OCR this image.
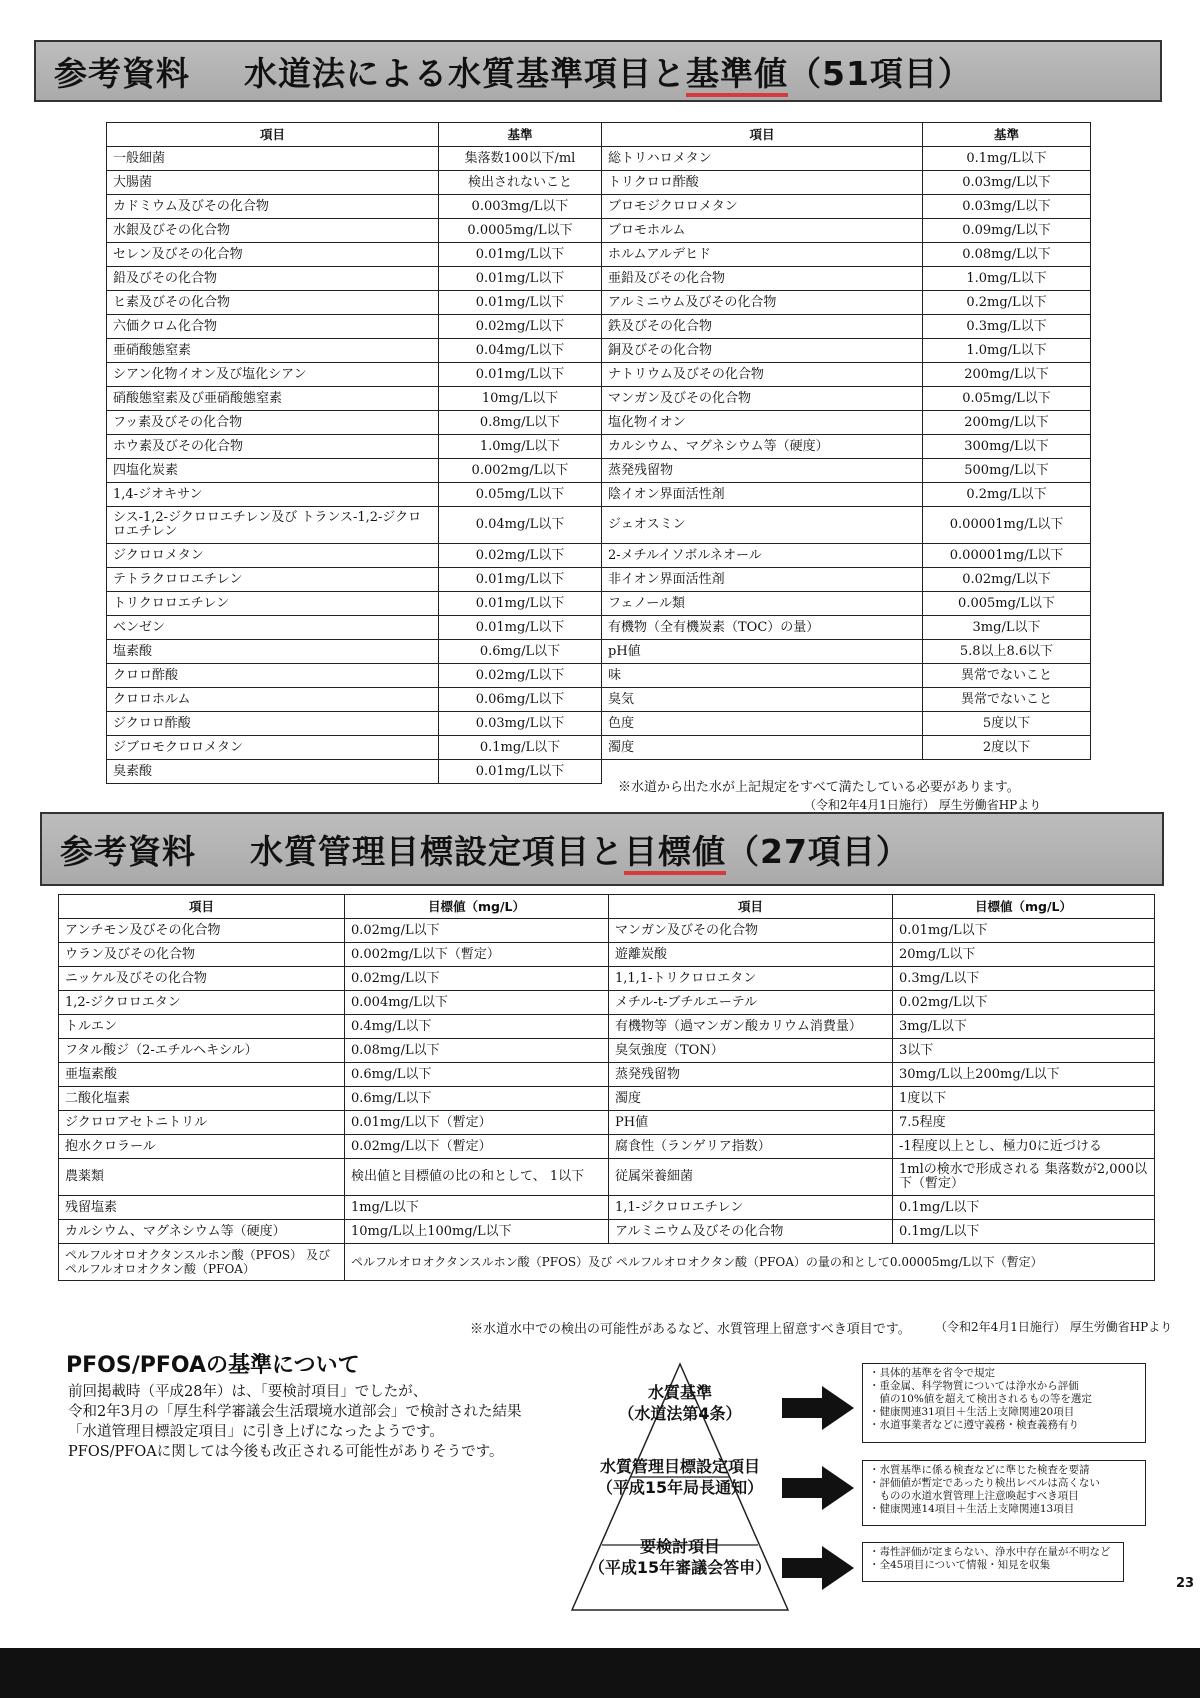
参考資料 水道法による水質基準項目と基準値（51項目）
項目	基準	項目	基準
一般細菌	集落数100以下/ml	総トリハロメタン	0.1mg/L以下
大腸菌	検出されないこと	トリクロロ酢酸	0.03mg/L以下
カドミウム及びその化合物	0.003mg/L以下	ブロモジクロロメタン	0.03mg/L以下
水銀及びその化合物	0.0005mg/L以下	ブロモホルム	0.09mg/L以下
セレン及びその化合物	0.01mg/L以下	ホルムアルデヒド	0.08mg/L以下
鉛及びその化合物	0.01mg/L以下	亜鉛及びその化合物	1.0mg/L以下
ヒ素及びその化合物	0.01mg/L以下	アルミニウム及びその化合物	0.2mg/L以下
六価クロム化合物	0.02mg/L以下	鉄及びその化合物	0.3mg/L以下
亜硝酸態窒素	0.04mg/L以下	銅及びその化合物	1.0mg/L以下
シアン化物イオン及び塩化シアン	0.01mg/L以下	ナトリウム及びその化合物	200mg/L以下
硝酸態窒素及び亜硝酸態窒素	10mg/L以下	マンガン及びその化合物	0.05mg/L以下
フッ素及びその化合物	0.8mg/L以下	塩化物イオン	200mg/L以下
ホウ素及びその化合物	1.0mg/L以下	カルシウム、マグネシウム等（硬度）	300mg/L以下
四塩化炭素	0.002mg/L以下	蒸発残留物	500mg/L以下
1,4-ジオキサン	0.05mg/L以下	陰イオン界面活性剤	0.2mg/L以下
シス-1,2-ジクロロエチレン及び トランス-1,2-ジクロロエチレン	0.04mg/L以下	ジェオスミン	0.00001mg/L以下
ジクロロメタン	0.02mg/L以下	2-メチルイソボルネオール	0.00001mg/L以下
テトラクロロエチレン	0.01mg/L以下	非イオン界面活性剤	0.02mg/L以下
トリクロロエチレン	0.01mg/L以下	フェノール類	0.005mg/L以下
ベンゼン	0.01mg/L以下	有機物（全有機炭素（TOC）の量）	3mg/L以下
塩素酸	0.6mg/L以下	pH値	5.8以上8.6以下
クロロ酢酸	0.02mg/L以下	味	異常でないこと
クロロホルム	0.06mg/L以下	臭気	異常でないこと
ジクロロ酢酸	0.03mg/L以下	色度	5度以下
ジブロモクロロメタン	0.1mg/L以下	濁度	2度以下
臭素酸	0.01mg/L以下		
※水道から出た水が上記規定をすべて満たしている必要があります。
（令和2年4月1日施行） 厚生労働省HPより
参考資料 水質管理目標設定項目と目標値（27項目）
項目	目標値（mg/L）	項目	目標値（mg/L）
アンチモン及びその化合物	0.02mg/L以下	マンガン及びその化合物	0.01mg/L以下
ウラン及びその化合物	0.002mg/L以下（暫定）	遊離炭酸	20mg/L以下
ニッケル及びその化合物	0.02mg/L以下	1,1,1-トリクロロエタン	0.3mg/L以下
1,2-ジクロロエタン	0.004mg/L以下	メチル-t-ブチルエーテル	0.02mg/L以下
トルエン	0.4mg/L以下	有機物等（過マンガン酸カリウム消費量）	3mg/L以下
フタル酸ジ（2-エチルヘキシル）	0.08mg/L以下	臭気強度（TON）	3以下
亜塩素酸	0.6mg/L以下	蒸発残留物	30mg/L以上200mg/L以下
二酸化塩素	0.6mg/L以下	濁度	1度以下
ジクロロアセトニトリル	0.01mg/L以下（暫定）	PH値	7.5程度
抱水クロラール	0.02mg/L以下（暫定）	腐食性（ランゲリア指数）	-1程度以上とし、極力0に近づける
農薬類	検出値と目標値の比の和として、 1以下	従属栄養細菌	1mlの検水で形成される 集落数が2,000以下（暫定）
残留塩素	1mg/L以下	1,1-ジクロロエチレン	0.1mg/L以下
カルシウム、マグネシウム等（硬度）	10mg/L以上100mg/L以下	アルミニウム及びその化合物	0.1mg/L以下
ペルフルオロオクタンスルホン酸（PFOS） 及びペルフルオロオクタン酸（PFOA）	ペルフルオロオクタンスルホン酸（PFOS）及び ペルフルオロオクタン酸（PFOA）の量の和として0.00005mg/L以下（暫定）		
※水道水中での検出の可能性があるなど、水質管理上留意すべき項目です。 （令和2年4月1日施行） 厚生労働省HPより
PFOS/PFOAの基準について
前回掲載時（平成28年）は、「要検討項目」でしたが、
令和2年3月の「厚生科学審議会生活環境水道部会」で検討された結果
「水道管理目標設定項目」に引き上げになったようです。
PFOS/PFOAに関しては今後も改正される可能性がありそうです。
水質基準
（水道法第4条）
水質管理目標設定項目
（平成15年局長通知）
要検討項目
（平成15年審議会答申）
・具体的基準を省令で規定
・重金属、科学物質については浄水から評価
　値の10%値を超えて検出されるもの等を選定
・健康関連31項目＋生活上支障関連20項目
・水道事業者などに遵守義務・検査義務有り
・水質基準に係る検査などに準じた検査を要請
・評価値が暫定であったり検出レベルは高くない
　ものの水道水質管理上注意喚起すべき項目
・健康関連14項目＋生活上支障関連13項目
・毒性評価が定まらない、浄水中存在量が不明など
・全45項目について情報・知見を収集
23
